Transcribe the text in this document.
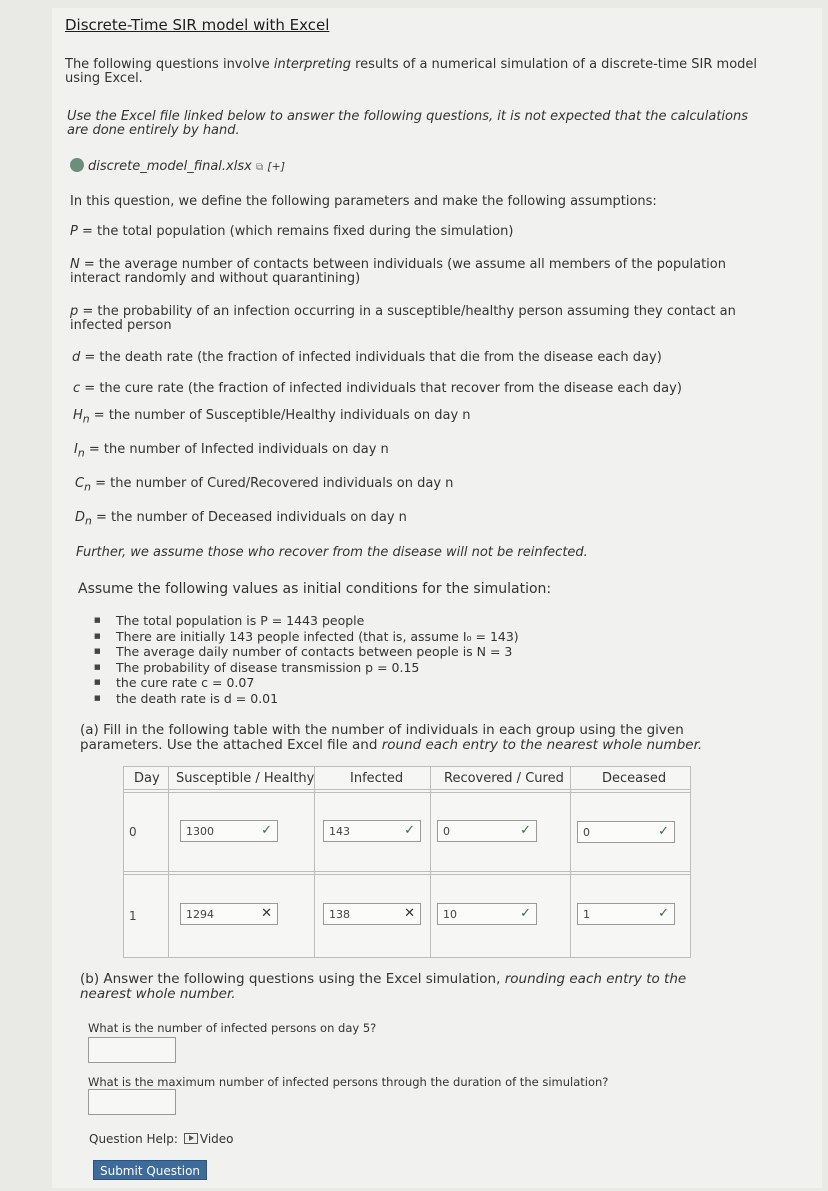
Discrete-Time SIR model with Excel
The following questions involve interpreting results of a numerical simulation of a discrete-time SIR model using Excel.
Use the Excel file linked below to answer the following questions, it is not expected that the calculations are done entirely by hand.
discrete_model_final.xlsx ⧉ [+]
In this question, we define the following parameters and make the following assumptions:
P = the total population (which remains fixed during the simulation)
N = the average number of contacts between individuals (we assume all members of the population interact randomly and without quarantining)
p = the probability of an infection occurring in a susceptible/healthy person assuming they contact an infected person
d = the death rate (the fraction of infected individuals that die from the disease each day)
c = the cure rate (the fraction of infected individuals that recover from the disease each day)
$H_n$ = the number of Susceptible/Healthy individuals on day n
$I_n$ = the number of Infected individuals on day n
$C_n$ = the number of Cured/Recovered individuals on day n
$D_n$ = the number of Deceased individuals on day n
Further, we assume those who recover from the disease will not be reinfected.
Assume the following values as initial conditions for the simulation:
■ The total population is P = 1443 people
■ There are initially 143 people infected (that is, assume I₀ = 143)
■ The average daily number of contacts between people is N = 3
■ The probability of disease transmission p = 0.15
■ the cure rate c = 0.07
■ the death rate is d = 0.01
(a) Fill in the following table with the number of individuals in each group using the given parameters. Use the attached Excel file and round each entry to the nearest whole number.
Day Susceptible / Healthy	Infected	Recovered / Cured	Deceased
0	1300	✓	143	✓	0	✓	0	✓
1	1294	✕	138	✕	10	✓	1	✓
(b) Answer the following questions using the Excel simulation, rounding each entry to the nearest whole number.
What is the number of infected persons on day 5?
What is the maximum number of infected persons through the duration of the simulation?
Question Help: Video
Submit Question
